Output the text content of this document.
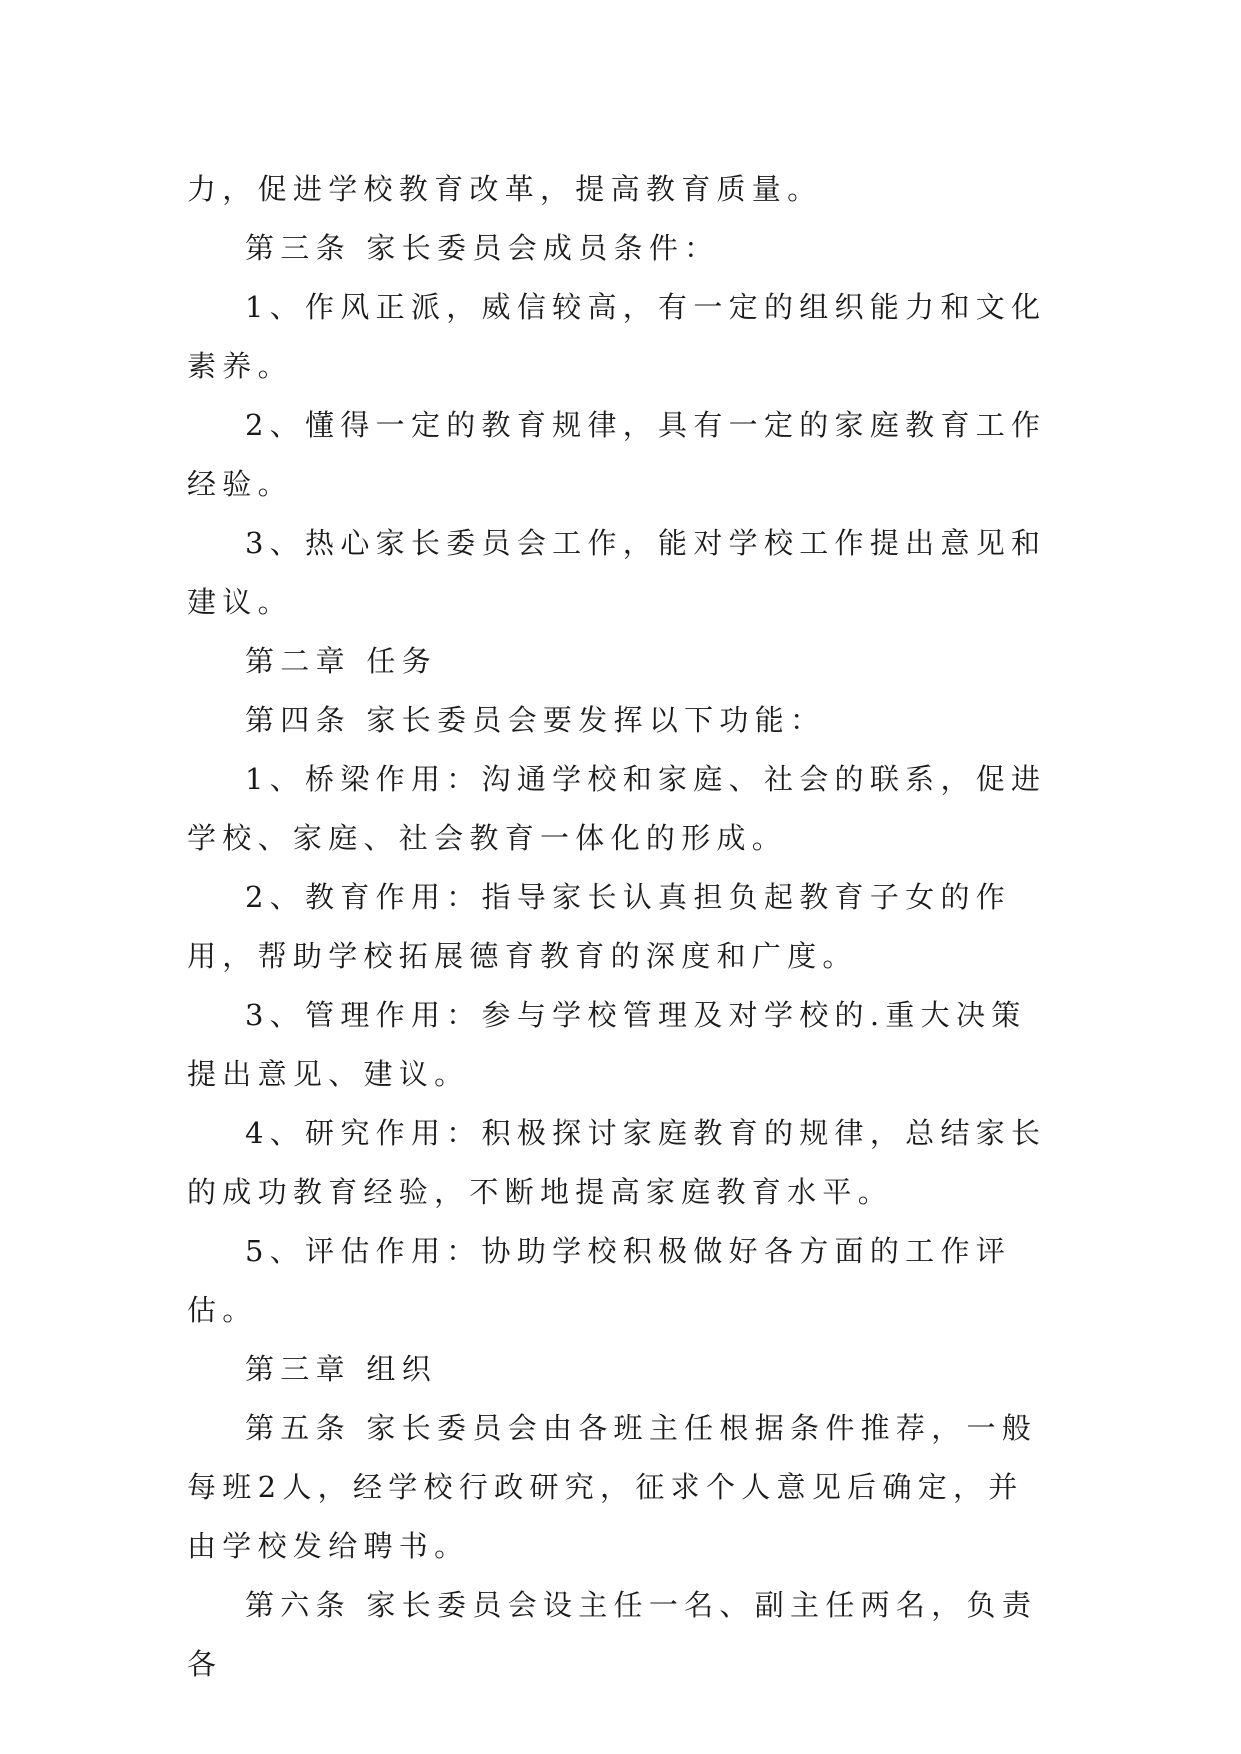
力，促进学校教育改革，提高教育质量。

第三条 家长委员会成员条件：

1、作风正派，威信较高，有一定的组织能力和文化素养。

2、懂得一定的教育规律，具有一定的家庭教育工作经验。

3、热心家长委员会工作，能对学校工作提出意见和建议。

第二章 任务

第四条 家长委员会要发挥以下功能：

1、桥梁作用：沟通学校和家庭、社会的联系，促进学校、家庭、社会教育一体化的形成。

2、教育作用：指导家长认真担负起教育子女的作用，帮助学校拓展德育教育的深度和广度。

3、管理作用：参与学校管理及对学校的.重大决策提出意见、建议。

4、研究作用：积极探讨家庭教育的规律，总结家长的成功教育经验，不断地提高家庭教育水平。

5、评估作用：协助学校积极做好各方面的工作评估。

第三章 组织

第五条 家长委员会由各班主任根据条件推荐，一般每班2人，经学校行政研究，征求个人意见后确定，并由学校发给聘书。

第六条 家长委员会设主任一名、副主任两名，负责各
